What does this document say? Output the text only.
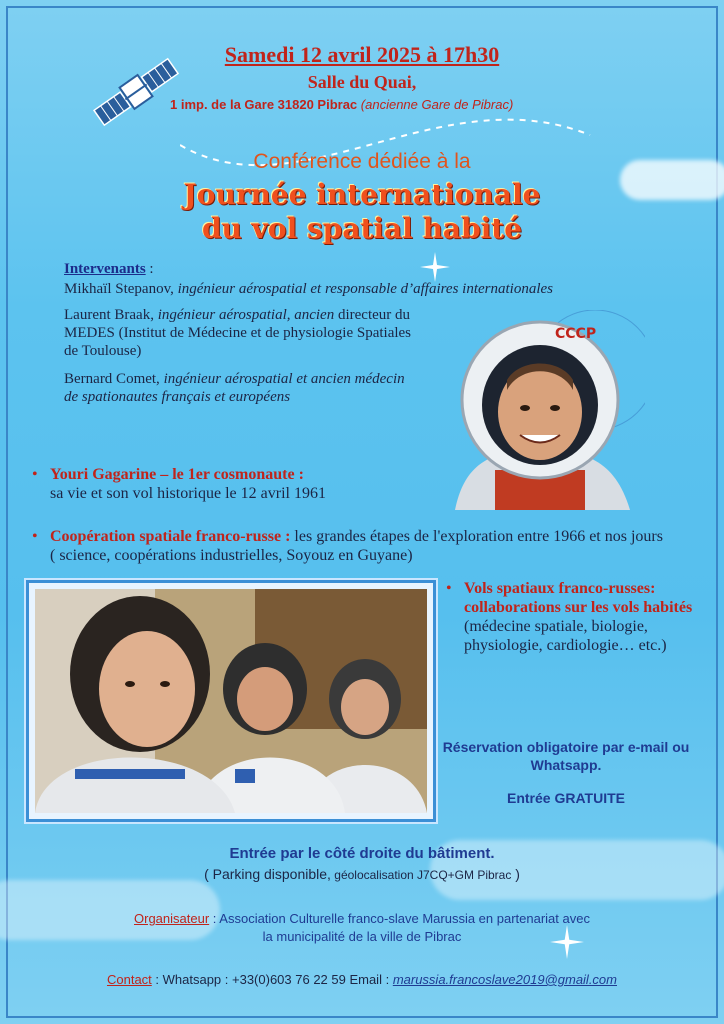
Samedi 12 avril 2025 à 17h30
Salle du Quai,
1 imp. de la Gare 31820 Pibrac (ancienne Gare de Pibrac)
Conférence dédiée à la
Journée internationale
du vol spatial habité
Intervenants :

Mikhaïl Stepanov, ingénieur aérospatial et responsable d’affaires internationales

Laurent Braak, ingénieur aérospatial, ancien directeur du MEDES (Institut de Médecine et de physiologie Spatiales de Toulouse)

Bernard Comet, ingénieur aérospatial et ancien médecin de spationautes français et européens

СССР
• Youri Gagarine – le 1er cosmonaute :
sa vie et son vol historique le 12 avril 1961
• Coopération spatiale franco-russe : les grandes étapes de l'exploration entre 1966 et nos jours ( science, coopérations industrielles, Soyouz en Guyane)
• Vols spatiaux franco-russes: collaborations sur les vols habités (médecine spatiale, biologie, physiologie, cardiologie… etc.)
Réservation obligatoire par e-mail ou Whatsapp.
Entrée GRATUITE
Entrée par le côté droite du bâtiment.
( Parking disponible, géolocalisation J7CQ+GM Pibrac )
Organisateur : Association Culturelle franco-slave Marussia en partenariat avec
la municipalité de la ville de Pibrac
Contact : Whatsapp : +33(0)603 76 22 59 Email : marussia.francoslave2019@gmail.com
